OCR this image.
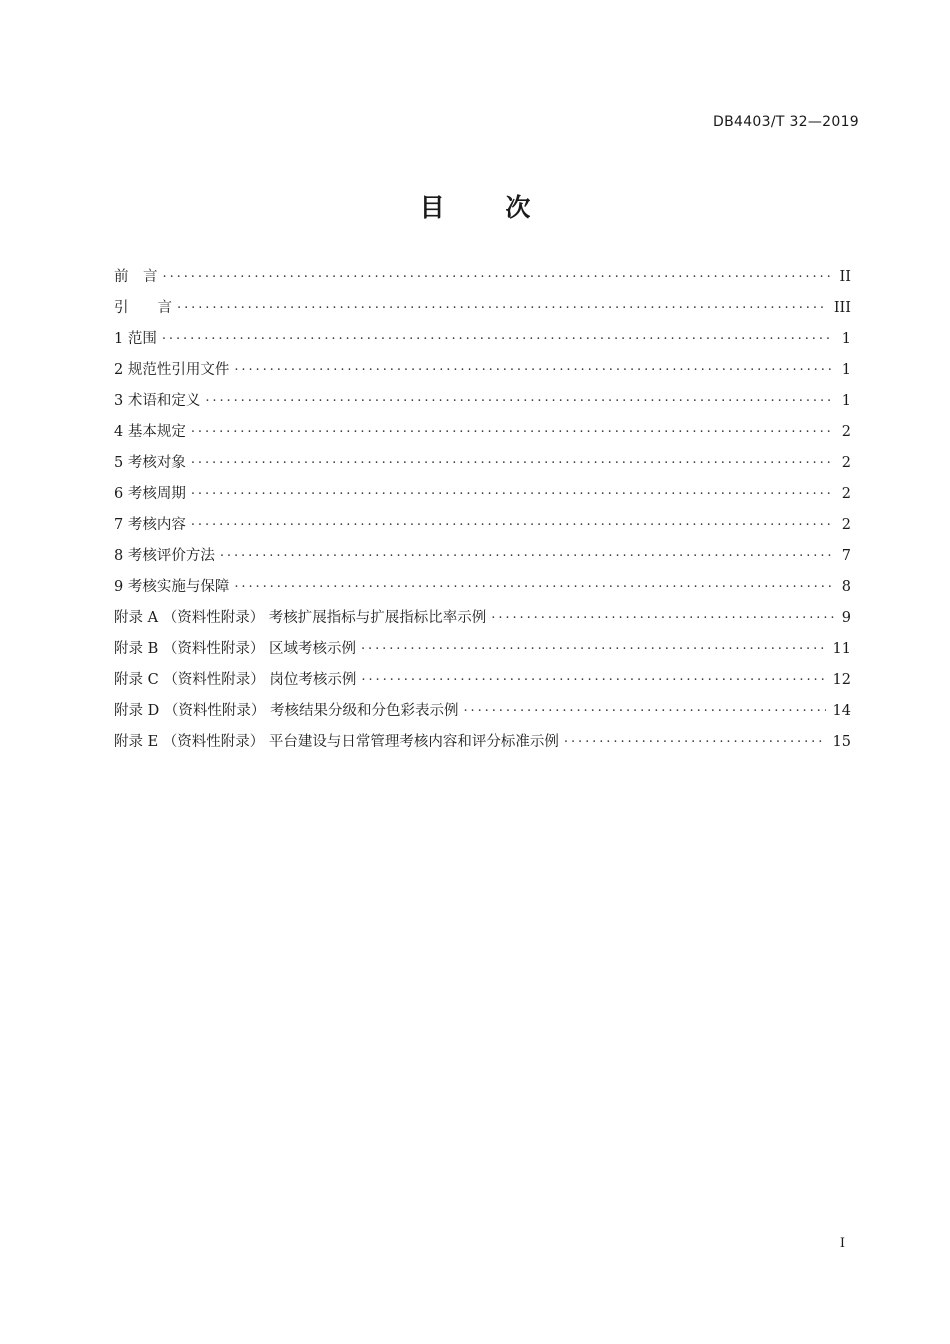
DB4403/T 32—2019
目 次
前　言 . . .	II
引　　言 . . .	III
1 范围 . . .	1
2 规范性引用文件 . . .	1
3 术语和定义 . . .	1
4 基本规定 . . .	2
5 考核对象 . . .	2
6 考核周期 . . .	2
7 考核内容 . . .	2
8 考核评价方法 . . .	7
9 考核实施与保障 . . .	8
附录 A （资料性附录） 考核扩展指标与扩展指标比率示例 . . .	9
附录 B （资料性附录） 区域考核示例 . . .	11
附录 C （资料性附录） 岗位考核示例 . . .	12
附录 D （资料性附录） 考核结果分级和分色彩表示例 . . .	14
附录 E （资料性附录） 平台建设与日常管理考核内容和评分标准示例 . . .	15
I
